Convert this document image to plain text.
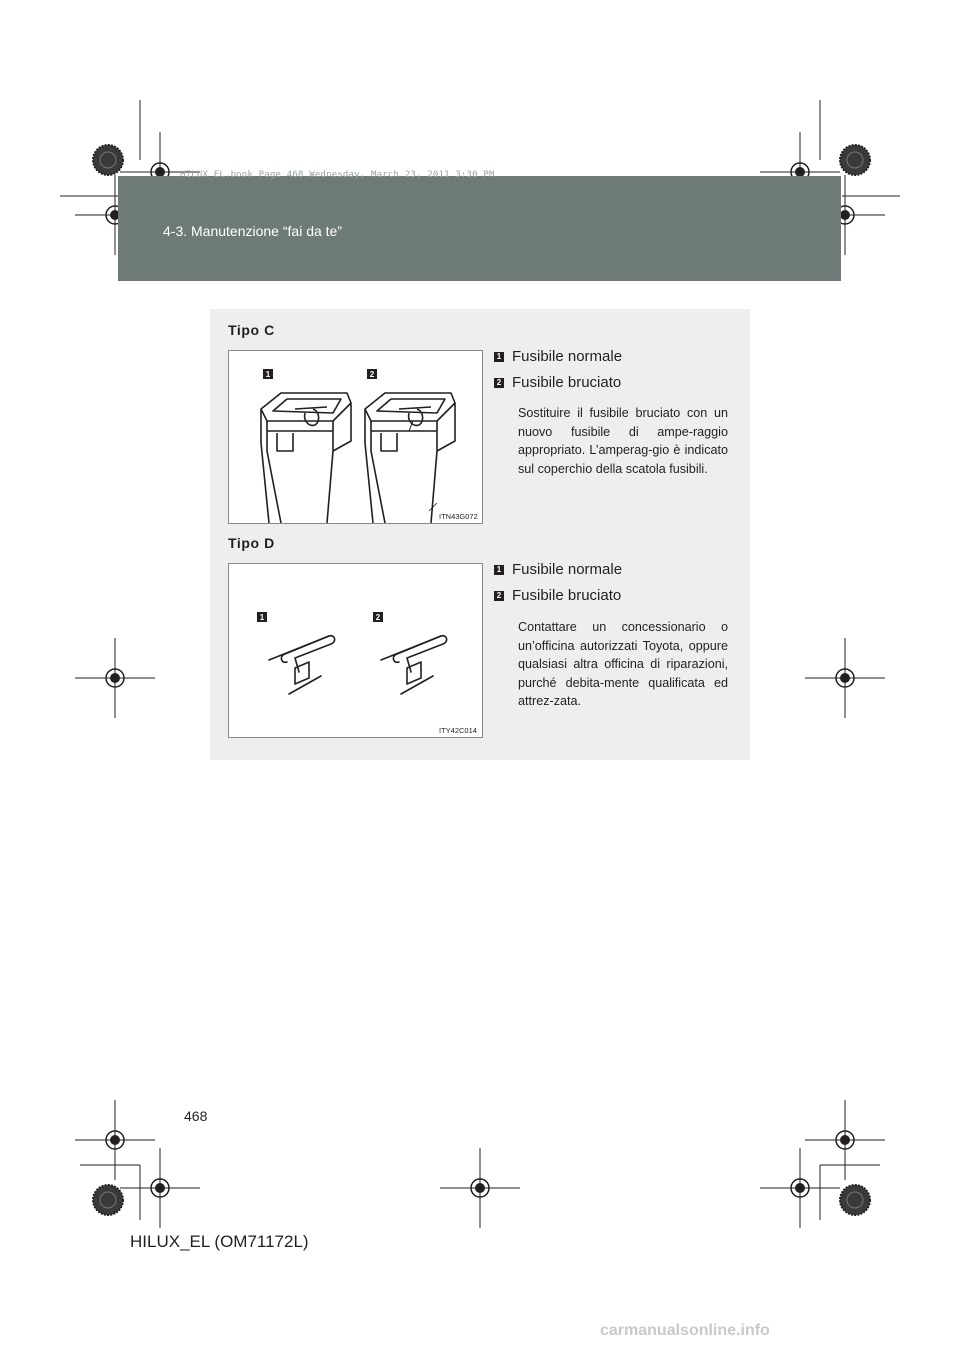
HILUX_EL.book Page 468 Wednesday, March 23, 2011 3:30 PM
4-3. Manutenzione “fai da te”
Tipo C
1	2
ITN43G072
1 Fusibile normale
2 Fusibile bruciato
Sostituire il fusibile bruciato con un nuovo fusibile di ampe-raggio appropriato. L’amperag-gio è indicato sul coperchio della scatola fusibili.
Tipo D
1	2
ITY42C014
1 Fusibile normale
2 Fusibile bruciato
Contattare un concessionario o un’officina autorizzati Toyota, oppure qualsiasi altra officina di riparazioni, purché debita-mente qualificata ed attrez-zata.
468
HILUX_EL (OM71172L)
carmanualsonline.info
